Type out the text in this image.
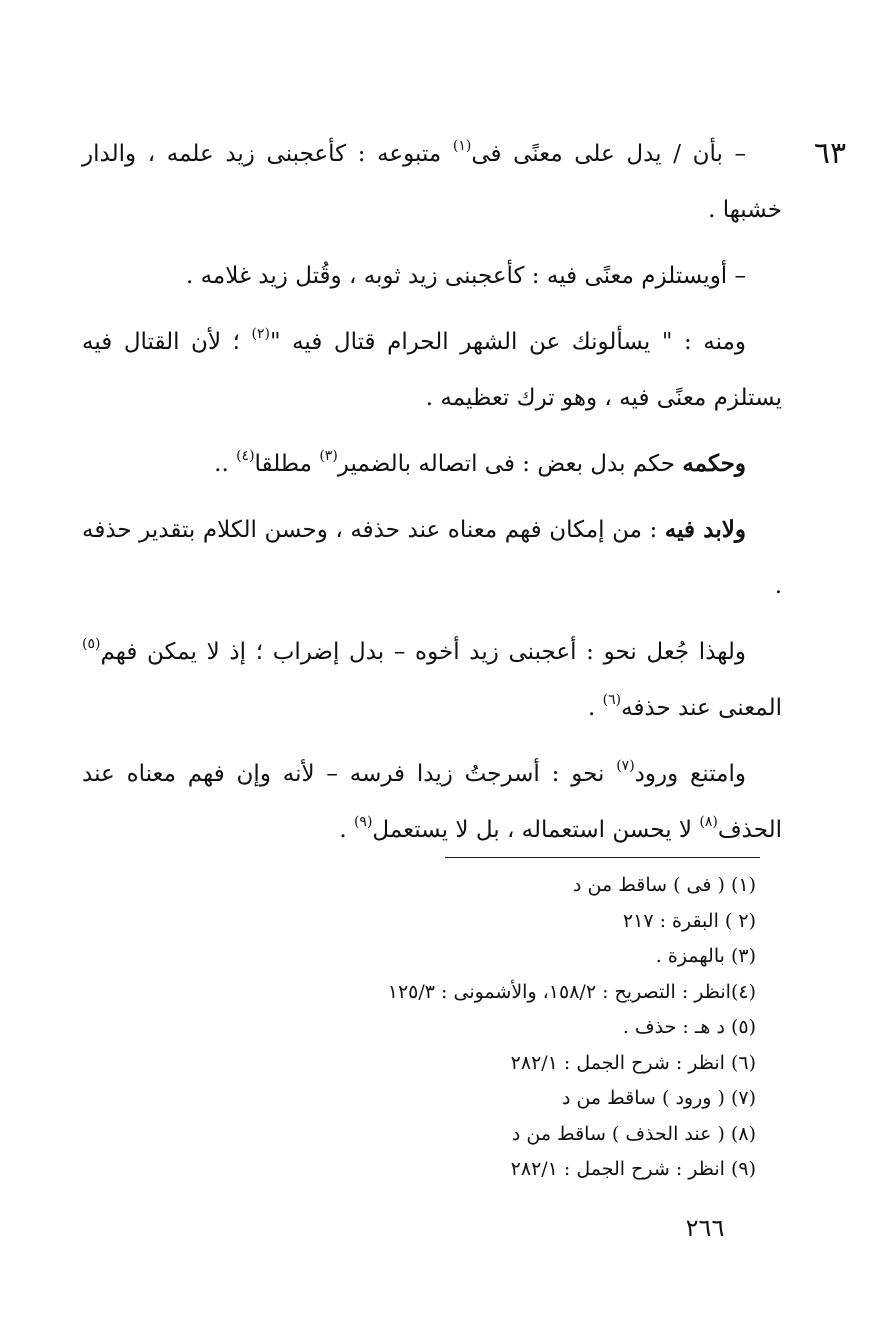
٦٣

– بأن / يدل على معنًى فى$^{(١)}$ متبوعه : كأعجبنى زيد علمه ، والدار خشبها .

– أويستلزم معنًى فيه : كأعجبنى زيد ثوبه ، وقُتل زيد غلامه .

ومنه : " يسألونك عن الشهر الحرام قتال فيه "$^{(٢)}$ ؛ لأن القتال فيه يستلزم معنًى فيه ، وهو ترك تعظيمه .

وحكمه حكم بدل بعض : فى اتصاله بالضمير$^{(٣)}$ مطلقا$^{(٤)}$ ..

ولابد فيه : من إمكان فهم معناه عند حذفه ، وحسن الكلام بتقدير حذفه .

ولهذا جُعل نحو : أعجبنى زيد أخوه – بدل إضراب ؛ إذ لا يمكن فهم$^{(٥)}$ المعنى عند حذفه$^{(٦)}$ .

وامتنع ورود$^{(٧)}$ نحو : أسرجتُ زيدا فرسه – لأنه وإن فهم معناه عند الحذف$^{(٨)}$ لا يحسن استعماله ، بل لا يستعمل$^{(٩)}$ .

(١) ( فى ) ساقط من د

(٢ ) البقرة : ٢١٧

(٣) بالهمزة .

(٤)انظر : التصريح : ١٥٨/٢، والأشمونى : ١٢٥/٣

(٥) د هـ : حذف .

(٦) انظر : شرح الجمل : ٢٨٢/١

(٧) ( ورود ) ساقط من د

(٨) ( عند الحذف ) ساقط من د

(٩) انظر : شرح الجمل : ٢٨٢/١

٢٦٦
